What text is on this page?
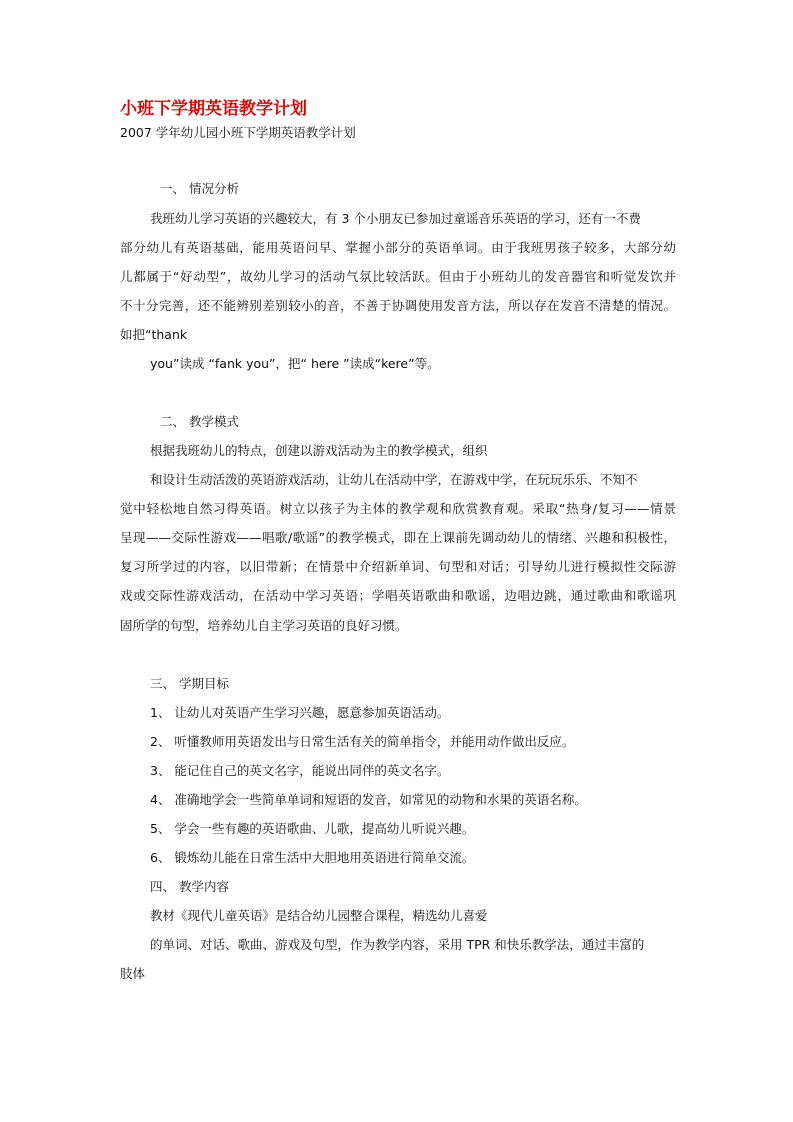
小班下学期英语教学计划
2007 学年幼儿园小班下学期英语教学计划
一、 情况分析
我班幼儿学习英语的兴趣较大，有 3 个小朋友已参加过童谣音乐英语的学习，还有一不费
部分幼儿有英语基础，能用英语问早、掌握小部分的英语单词。由于我班男孩子较多，大部分幼
儿都属于“好动型”，故幼儿学习的活动气氛比较活跃。但由于小班幼儿的发音器官和听觉发饮并
不十分完善，还不能辨别差别较小的音，不善于协调使用发音方法，所以存在发音不清楚的情况。
如把“thank
you”读成 “fank you”，把“ here ”读成“kere”等。
二、 教学模式
根据我班幼儿的特点，创建以游戏活动为主的教学模式，组织
和设计生动活泼的英语游戏活动，让幼儿在活动中学，在游戏中学，在玩玩乐乐、不知不
觉中轻松地自然习得英语。树立以孩子为主体的教学观和欣赏教育观。采取“热身/复习——情景
呈现——交际性游戏——唱歌/歌谣”的教学模式，即在上课前先调动幼儿的情绪、兴趣和积极性，
复习所学过的内容，以旧带新；在情景中介绍新单词、句型和对话；引导幼儿进行模拟性交际游
戏或交际性游戏活动，在活动中学习英语；学唱英语歌曲和歌谣，边唱边跳，通过歌曲和歌谣巩
固所学的句型，培养幼儿自主学习英语的良好习惯。
三、 学期目标
1、 让幼儿对英语产生学习兴趣，愿意参加英语活动。
2、 听懂教师用英语发出与日常生活有关的简单指令，并能用动作做出反应。
3、 能记住自己的英文名字，能说出同伴的英文名字。
4、 准确地学会一些简单单词和短语的发音，如常见的动物和水果的英语名称。
5、 学会一些有趣的英语歌曲、儿歌，提高幼儿听说兴趣。
6、 锻炼幼儿能在日常生活中大胆地用英语进行简单交流。
四、 教学内容
教材《现代儿童英语》是结合幼儿园整合课程，精选幼儿喜爱
的单词、对话、歌曲、游戏及句型，作为教学内容，采用 TPR 和快乐教学法，通过丰富的
肢体
